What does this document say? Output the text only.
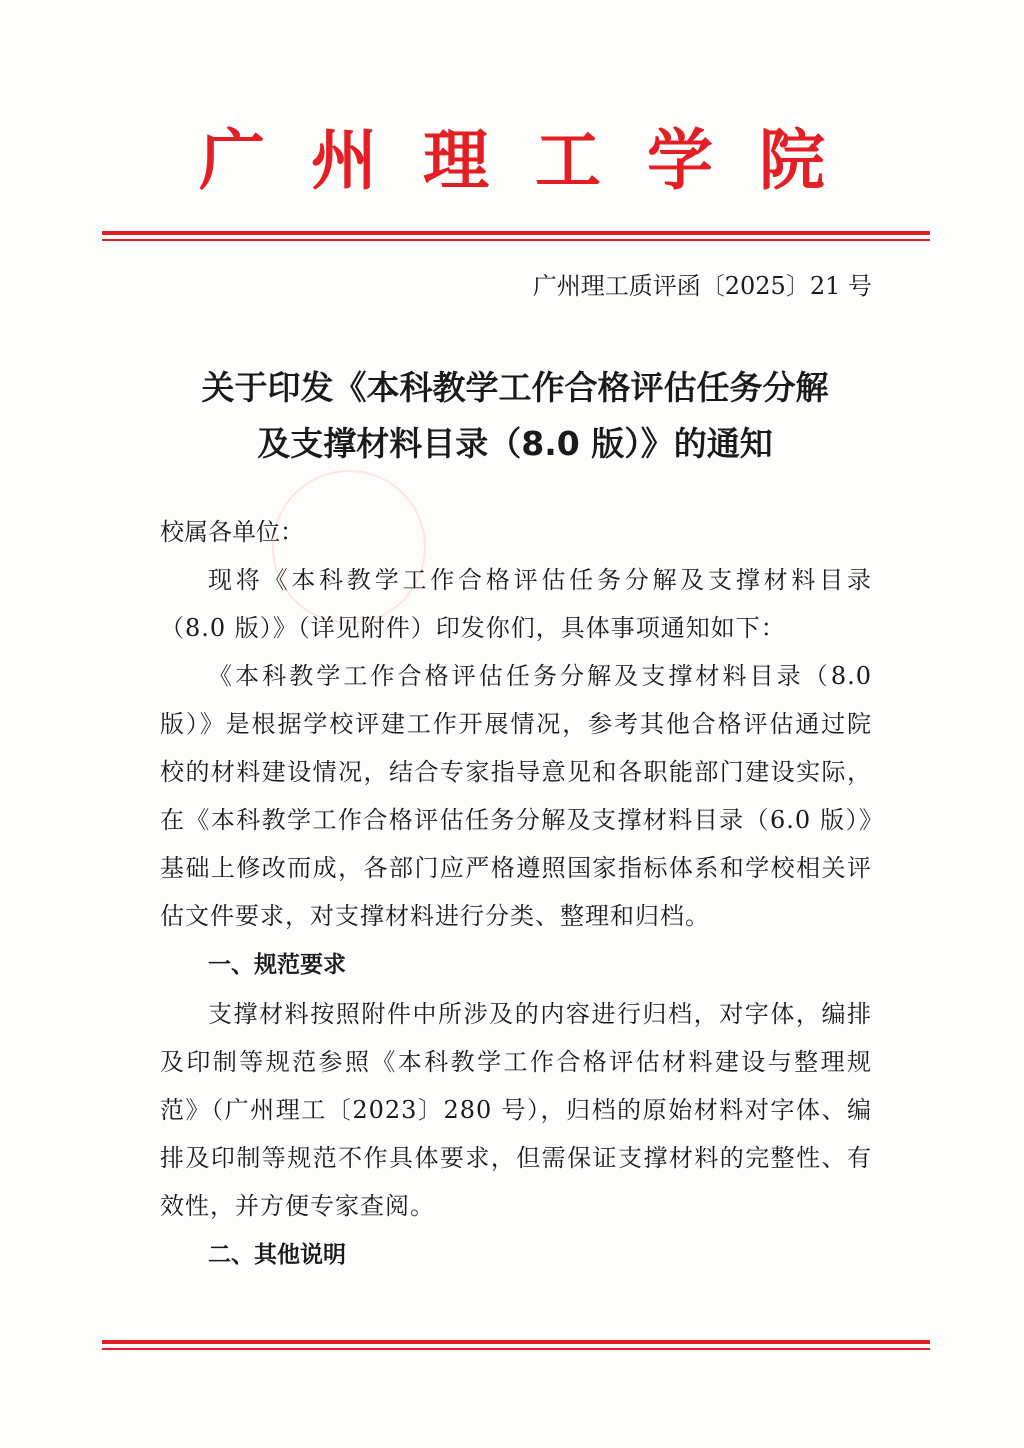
广州理工学院
广州理工质评函〔2025〕21 号
关于印发《本科教学工作合格评估任务分解
及支撑材料目录（8.0 版）》的通知

校属各单位：

现将《本科教学工作合格评估任务分解及支撑材料目录（8.0 版）》（详见附件）印发你们，具体事项通知如下：

《本科教学工作合格评估任务分解及支撑材料目录（8.0 版）》是根据学校评建工作开展情况，参考其他合格评估通过院校的材料建设情况，结合专家指导意见和各职能部门建设实际，在《本科教学工作合格评估任务分解及支撑材料目录（6.0 版）》基础上修改而成，各部门应严格遵照国家指标体系和学校相关评估文件要求，对支撑材料进行分类、整理和归档。

一、规范要求

支撑材料按照附件中所涉及的内容进行归档，对字体，编排及印制等规范参照《本科教学工作合格评估材料建设与整理规范》（广州理工〔2023〕280 号），归档的原始材料对字体、编排及印制等规范不作具体要求，但需保证支撑材料的完整性、有效性，并方便专家查阅。

二、其他说明
